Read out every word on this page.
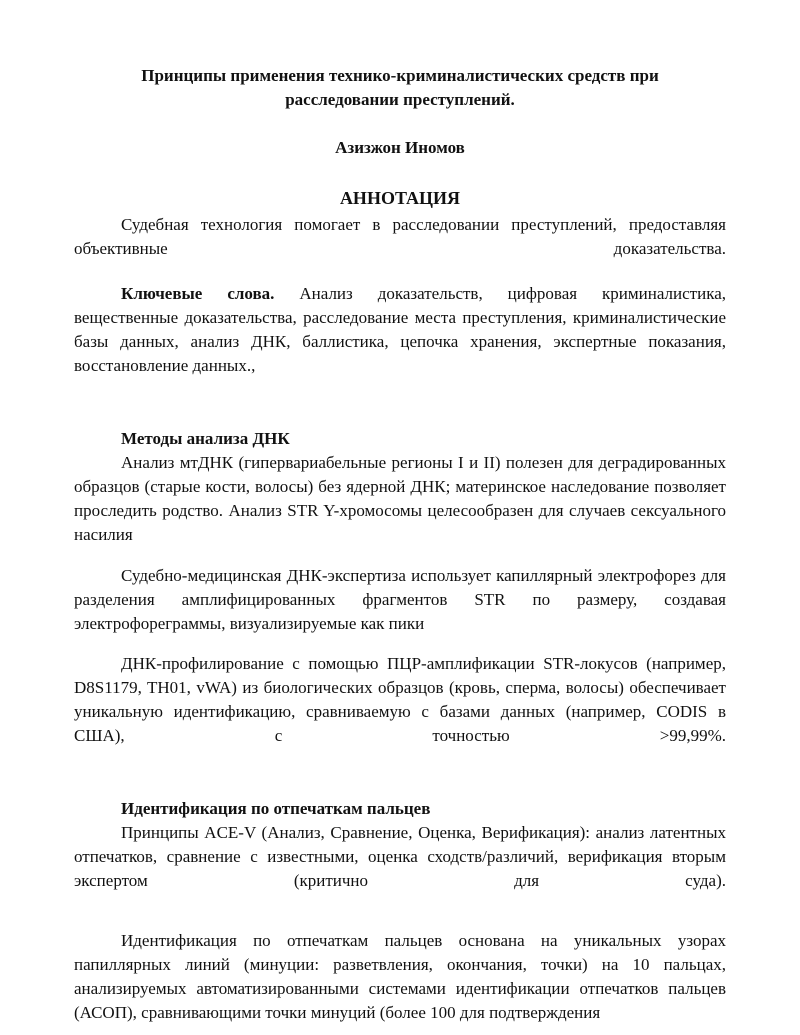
Принципы применения технико-криминалистических средств при расследовании преступлений.

Азизжон Иномов

АННОТАЦИЯ

Судебная технология помогает в расследовании преступлений, предоставляя объективные доказательства.

Ключевые слова. Анализ доказательств, цифровая криминалистика, вещественные доказательства, расследование места преступления, криминалистические базы данных, анализ ДНК, баллистика, цепочка хранения, экспертные показания, восстановление данных.,

Методы анализа ДНК

Анализ мтДНК (гипервариабельные регионы I и II) полезен для деградированных образцов (старые кости, волосы) без ядерной ДНК; материнское наследование позволяет проследить родство. Анализ STR Y-хромосомы целесообразен для случаев сексуального насилия

Судебно-медицинская ДНК-экспертиза использует капиллярный электрофорез для разделения амплифицированных фрагментов STR по размеру, создавая электрофореграммы, визуализируемые как пики

ДНК-профилирование с помощью ПЦР-амплификации STR-локусов (например, D8S1179, TH01, vWA) из биологических образцов (кровь, сперма, волосы) обеспечивает уникальную идентификацию, сравниваемую с базами данных (например, CODIS в США), с точностью >99,99%.

Идентификация по отпечаткам пальцев

Принципы ACE-V (Анализ, Сравнение, Оценка, Верификация): анализ латентных отпечатков, сравнение с известными, оценка сходств/различий, верификация вторым экспертом (критично для суда).

Идентификация по отпечаткам пальцев основана на уникальных узорах папиллярных линий (минуции: разветвления, окончания, точки) на 10 пальцах, анализируемых автоматизированными системами идентификации отпечатков пальцев (АСОП), сравнивающими точки минуций (более 100 для подтверждения
